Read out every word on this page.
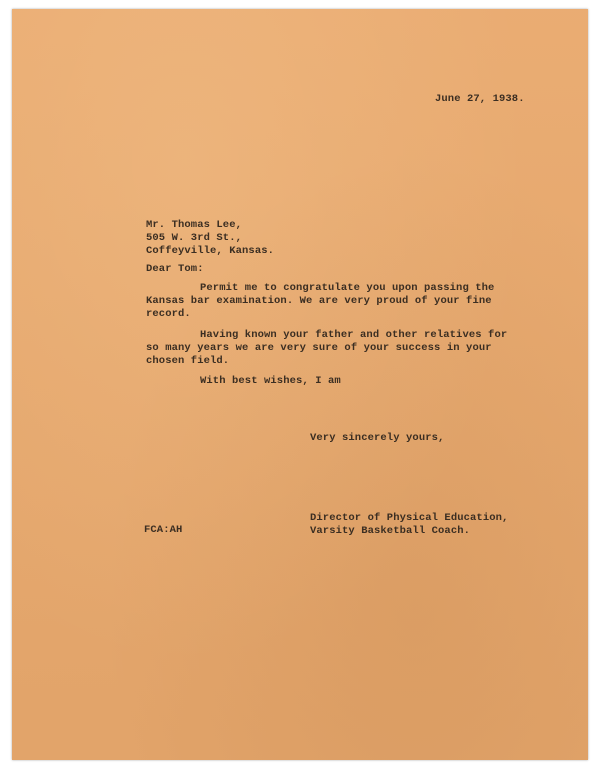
June 27, 1938.
Mr. Thomas Lee,
505 W. 3rd St.,
Coffeyville, Kansas.
Dear Tom:
Permit me to congratulate you upon passing the
Kansas bar examination. We are very proud of your fine
record.
Having known your father and other relatives for
so many years we are very sure of your success in your
chosen field.
With best wishes, I am
Very sincerely yours,
Director of Physical Education,
Varsity Basketball Coach.
FCA:AH
